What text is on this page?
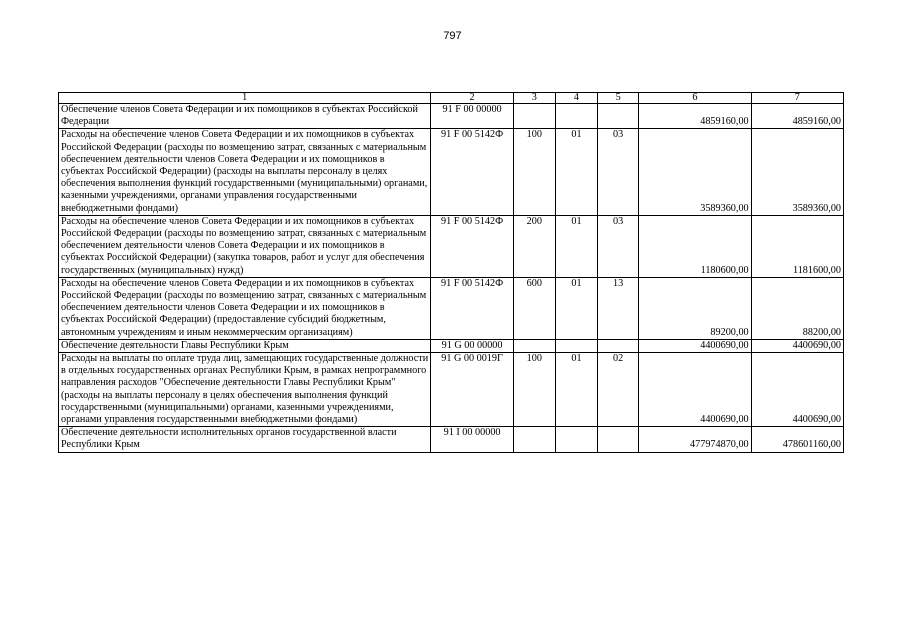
797
1	2	3	4	5	6	7
Обеспечение членов Совета Федерации и их помощников в субъектах Российской Федерации	91 F 00 00000				4859160,00	4859160,00
Расходы на обеспечение членов Совета Федерации и их помощников в субъектах Российской Федерации (расходы по возмещению затрат, связанных с материальным обеспечением деятельности членов Совета Федерации и их помощников в субъектах Российской Федерации) (расходы на выплаты персоналу в целях обеспечения выполнения функций государственными (муниципальными) органами, казенными учреждениями, органами управления государственными внебюджетными фондами)	91 F 00 5142Ф	100	01	03	3589360,00	3589360,00
Расходы на обеспечение членов Совета Федерации и их помощников в субъектах Российской Федерации (расходы по возмещению затрат, связанных с материальным обеспечением деятельности членов Совета Федерации и их помощников в субъектах Российской Федерации) (закупка товаров, работ и услуг для обеспечения государственных (муниципальных) нужд)	91 F 00 5142Ф	200	01	03	1180600,00	1181600,00
Расходы на обеспечение членов Совета Федерации и их помощников в субъектах Российской Федерации (расходы по возмещению затрат, связанных с материальным обеспечением деятельности членов Совета Федерации и их помощников в субъектах Российской Федерации) (предоставление субсидий бюджетным, автономным учреждениям и иным некоммерческим организациям)	91 F 00 5142Ф	600	01	13	89200,00	88200,00
Обеспечение деятельности Главы Республики Крым	91 G 00 00000				4400690,00	4400690,00
Расходы на выплаты по оплате труда лиц, замещающих государственные должности в отдельных государственных органах Республики Крым, в рамках непрограммного направления расходов "Обеспечение деятельности Главы Республики Крым" (расходы на выплаты персоналу в целях обеспечения выполнения функций государственными (муниципальными) органами, казенными учреждениями, органами управления государственными внебюджетными фондами)	91 G 00 0019Г	100	01	02	4400690,00	4400690,00
Обеспечение деятельности исполнительных органов государственной власти Республики Крым	91 I 00 00000				477974870,00	478601160,00
